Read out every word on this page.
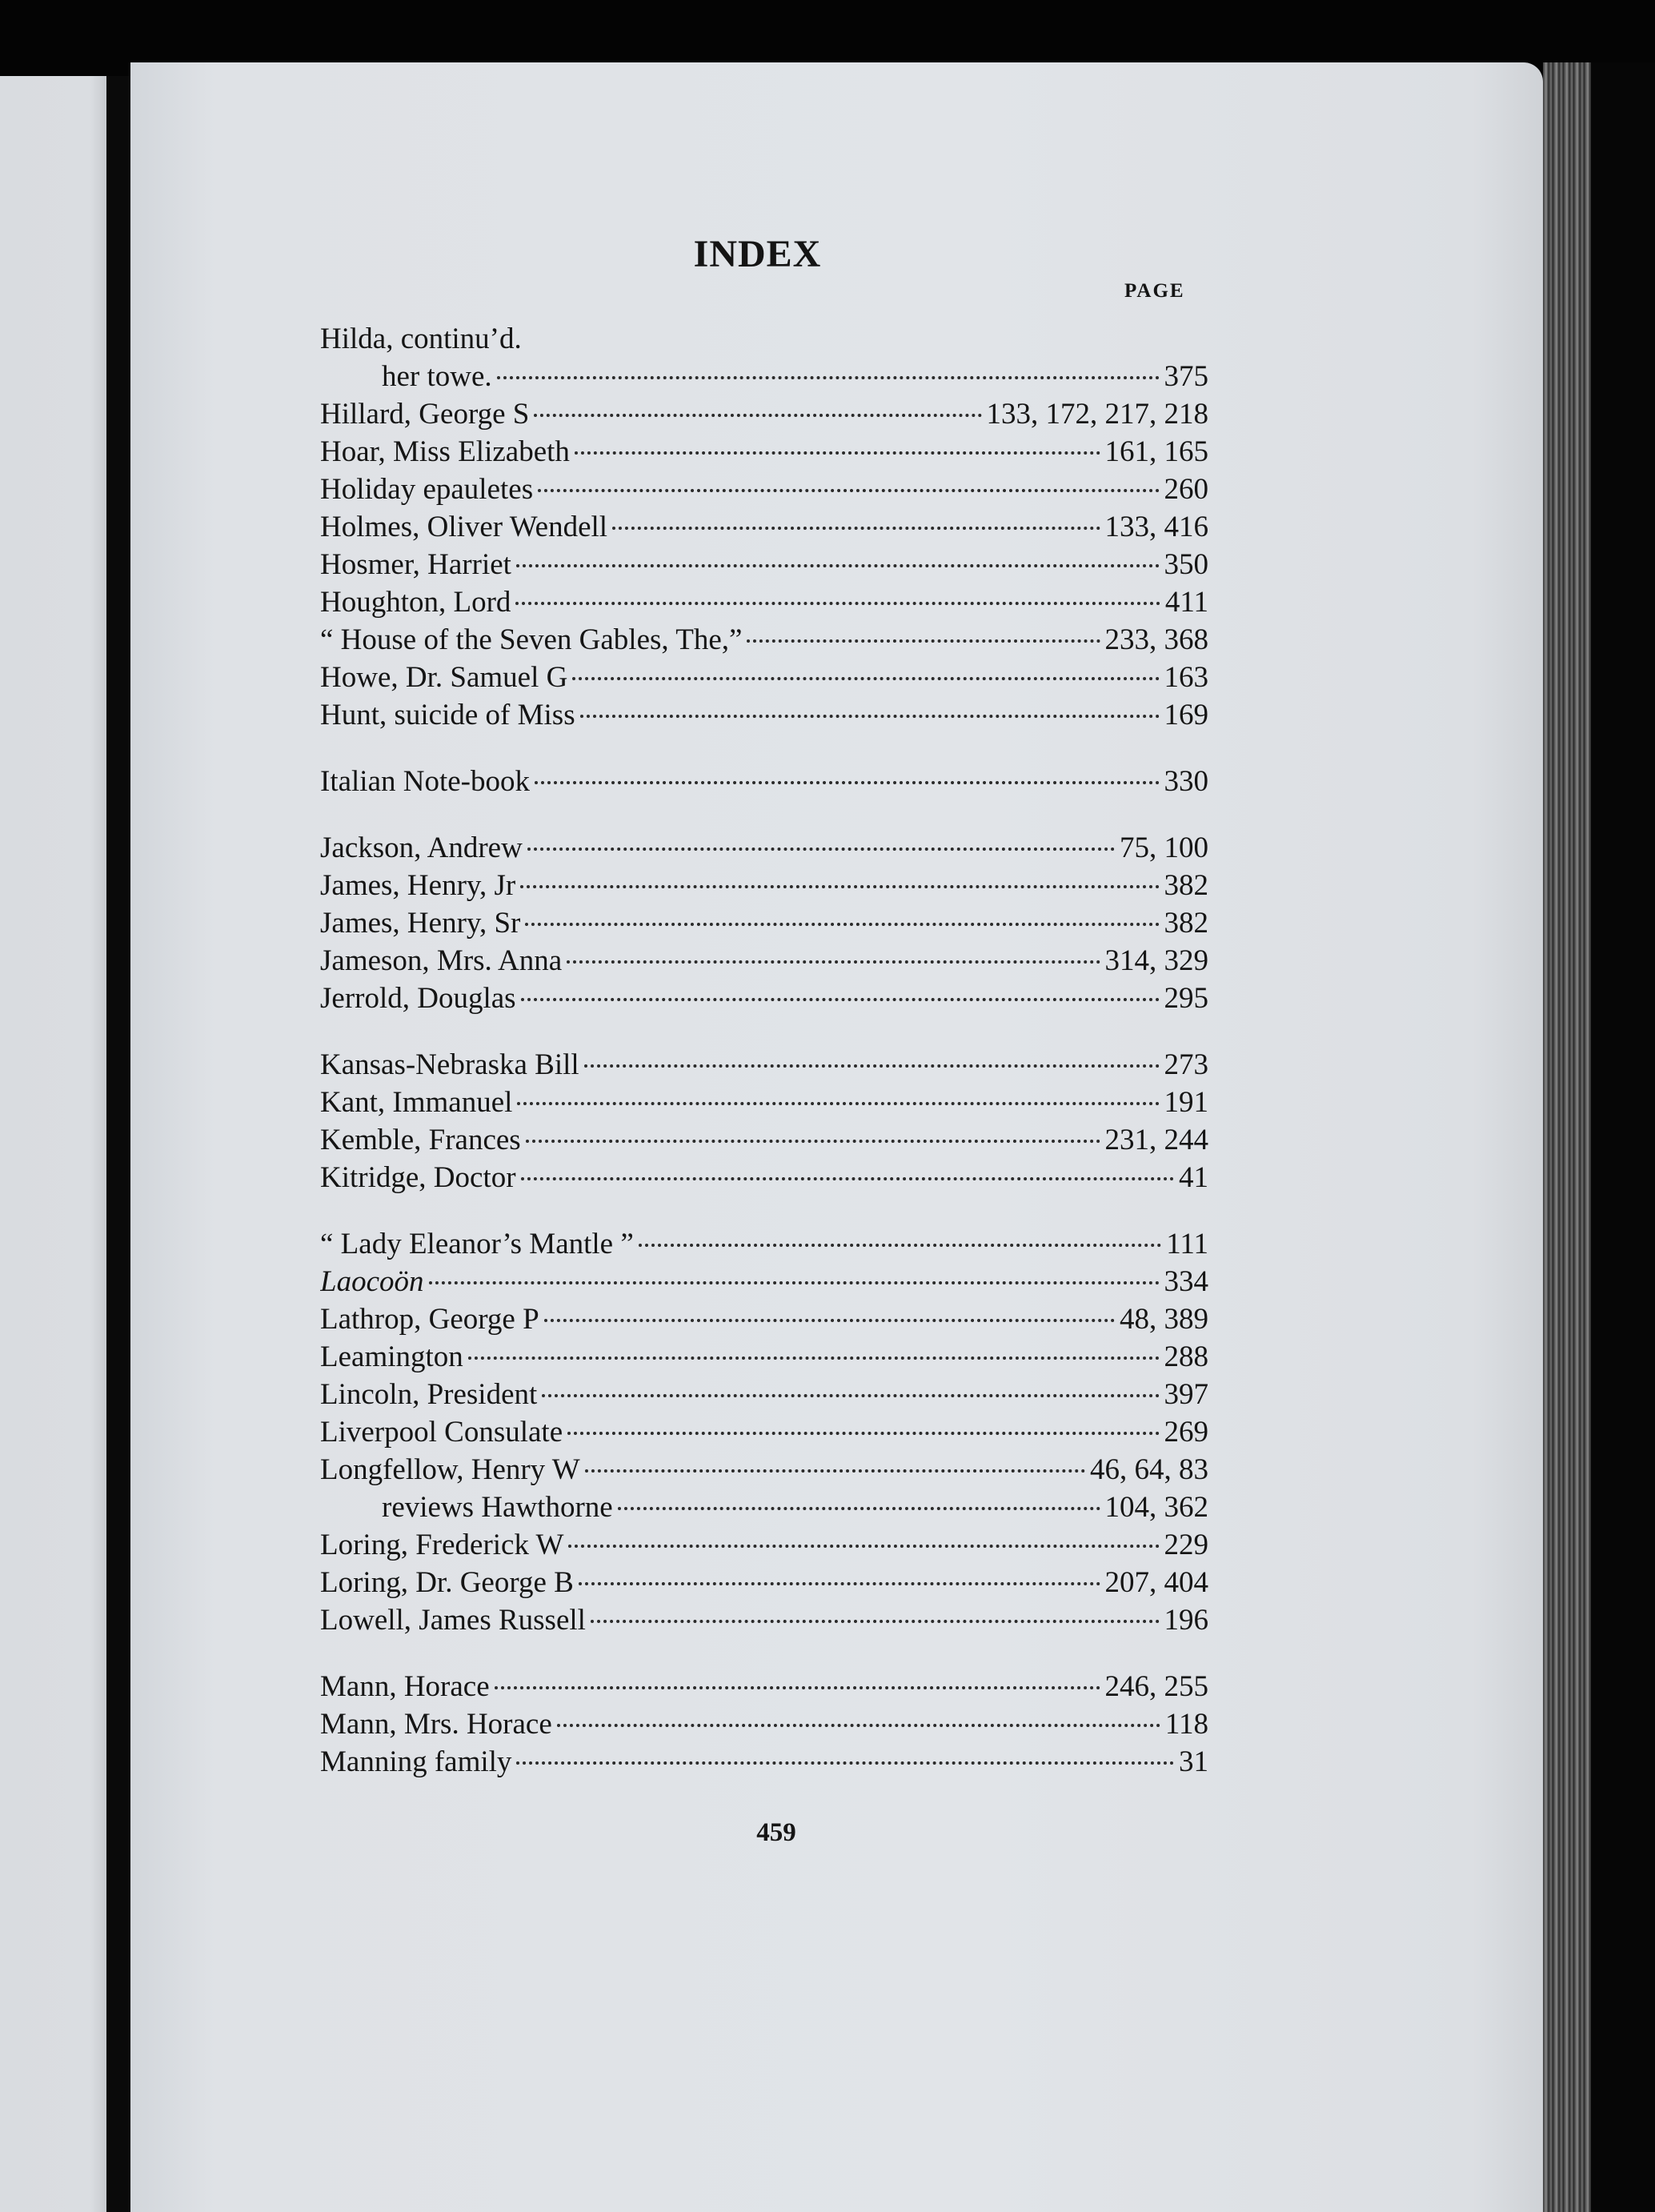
INDEX
PAGE
Hilda, continu’d.
her towe.	375
Hillard, George S	133, 172, 217, 218
Hoar, Miss Elizabeth	161, 165
Holiday epauletes	260
Holmes, Oliver Wendell	133, 416
Hosmer, Harriet	350
Houghton, Lord	411
“ House of the Seven Gables, The,”	233, 368
Howe, Dr. Samuel G	163
Hunt, suicide of Miss	169
Italian Note-book	330
Jackson, Andrew	75, 100
James, Henry, Jr	382
James, Henry, Sr	382
Jameson, Mrs. Anna	314, 329
Jerrold, Douglas	295
Kansas-Nebraska Bill	273
Kant, Immanuel	191
Kemble, Frances	231, 244
Kitridge, Doctor	41
“ Lady Eleanor’s Mantle ”	111
Laocoön	334
Lathrop, George P	48, 389
Leamington	288
Lincoln, President	397
Liverpool Consulate	269
Longfellow, Henry W	46, 64, 83
reviews Hawthorne	104, 362
Loring, Frederick W	229
Loring, Dr. George B	207, 404
Lowell, James Russell	196
Mann, Horace	246, 255
Mann, Mrs. Horace	118
Manning family	31
459
